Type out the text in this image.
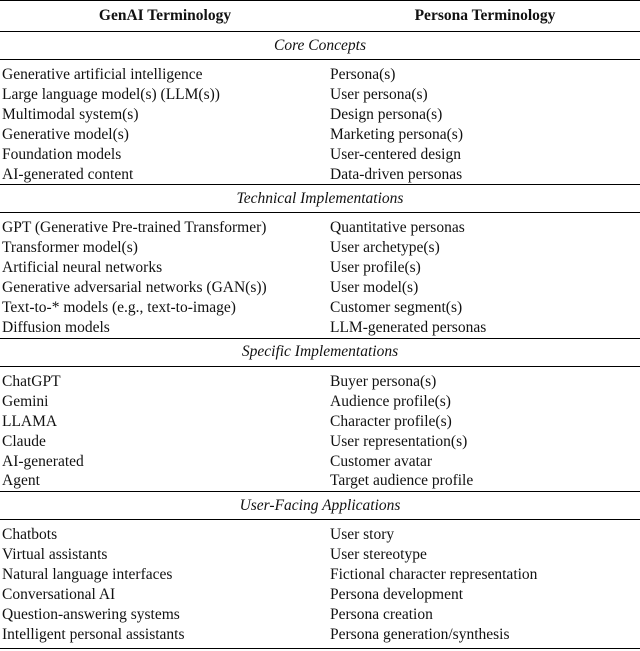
GenAI Terminology	Persona Terminology
Core Concepts	
Generative artificial intelligence	Persona(s)
Large language model(s) (LLM(s))	User persona(s)
Multimodal system(s)	Design persona(s)
Generative model(s)	Marketing persona(s)
Foundation models	User-centered design
AI-generated content	Data-driven personas
Technical Implementations	
GPT (Generative Pre-trained Transformer)	Quantitative personas
Transformer model(s)	User archetype(s)
Artificial neural networks	User profile(s)
Generative adversarial networks (GAN(s))	User model(s)
Text-to-* models (e.g., text-to-image)	Customer segment(s)
Diffusion models	LLM-generated personas
Specific Implementations	
ChatGPT	Buyer persona(s)
Gemini	Audience profile(s)
LLAMA	Character profile(s)
Claude	User representation(s)
AI-generated	Customer avatar
Agent	Target audience profile
User-Facing Applications	
Chatbots	User story
Virtual assistants	User stereotype
Natural language interfaces	Fictional character representation
Conversational AI	Persona development
Question-answering systems	Persona creation
Intelligent personal assistants	Persona generation/synthesis
